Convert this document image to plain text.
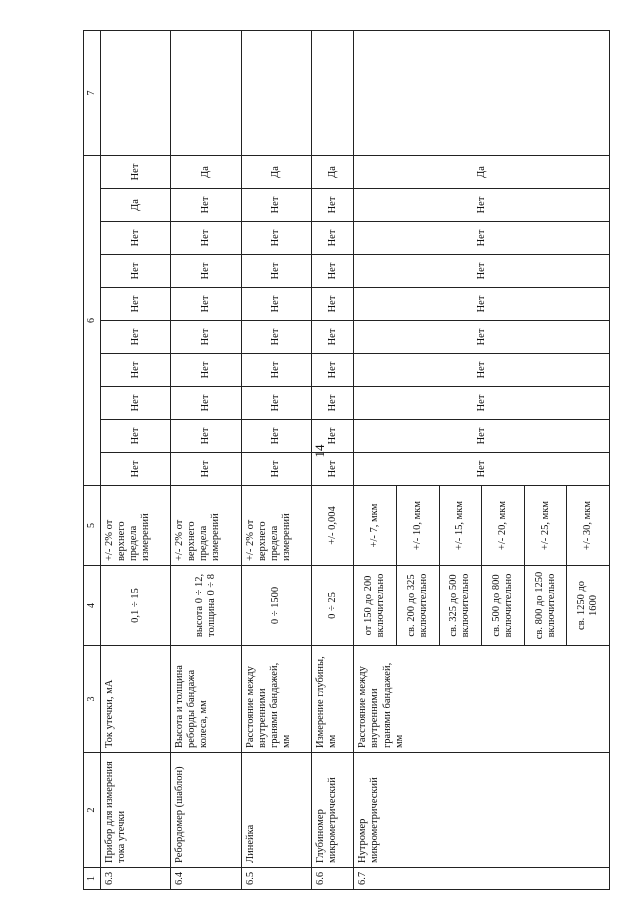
14
1	2	3	4	5	6										7
6.3	Прибор для измерения тока утечки	Ток утечки, мА	0,1 ÷ 15	+/- 2% от верхнего предела измерений	Нет	Нет	Нет	Нет	Нет	Нет	Нет	Нет	Да	Нет	
6.4	Ребордомер (шаблон)	Высота и толщина реборды бандажа колеса, мм	высота 0 ÷ 12, толщина 0 ÷ 8	+/- 2% от верхнего предела измерений	Нет	Нет	Нет	Нет	Нет	Нет	Нет	Нет	Нет	Да	
6.5	Линейка	Расстояние между внутренними гранями бандажей, мм	0 ÷ 1500	+/- 2% от верхнего предела измерений	Нет	Нет	Нет	Нет	Нет	Нет	Нет	Нет	Нет	Да	
6.6	Глубиномер микрометрический	Измерение глубины, мм	0 ÷ 25	+/- 0,004	Нет	Нет	Нет	Нет	Нет	Нет	Нет	Нет	Нет	Да	
6.7	Нутромер микрометрический	Расстояние между внутренними гранями бандажей, мм	от 150 до 200 включительно	+/- 7, мкм	Нет	Нет	Нет	Нет	Нет	Нет	Нет	Нет	Нет	Да	
			св. 200 до 325 включительно	+/- 10, мкм											
			св. 325 до 500 включительно	+/- 15, мкм											
			св. 500 до 800 включительно	+/- 20, мкм											
			св. 800 до 1250 включительно	+/- 25, мкм											
			св. 1250 до 1600	+/- 30, мкм											
